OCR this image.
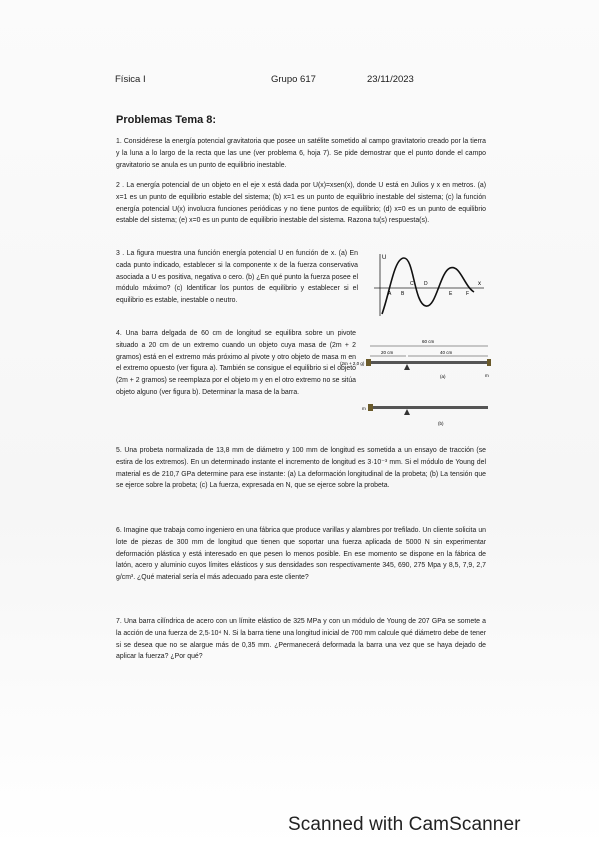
Física I	Grupo 617	23/11/2023
Problemas Tema 8:

1. Considérese la energía potencial gravitatoria que posee un satélite sometido al campo gravitatorio creado por la tierra y la luna a lo largo de la recta que las une (ver problema 6, hoja 7). Se pide demostrar que el punto donde el campo gravitatorio se anula es un punto de equilibrio inestable.

2 . La energía potencial de un objeto en el eje x está dada por U(x)=xsen(x), donde U está en Julios y x en metros. (a) x=1 es un punto de equilibrio estable del sistema; (b) x=1 es un punto de equilibrio inestable del sistema; (c) la función energía potencial U(x) involucra funciones periódicas y no tiene puntos de equilibrio; (d) x=0 es un punto de equilibrio estable del sistema; (e) x=0 es un punto de equilibrio inestable del sistema. Razona tu(s) respuesta(s).

3 . La figura muestra una función energía potencial U en función de x. (a) En cada punto indicado, establecer si la componente x de la fuerza conservativa asociada a U es positiva, negativa o cero. (b) ¿En qué punto la fuerza posee el módulo máximo? (c) Identificar los puntos de equilibrio y establecer si el equilibrio es estable, inestable o neutro.

4. Una barra delgada de 60 cm de longitud se equilibra sobre un pivote situado a 20 cm de un extremo cuando un objeto cuya masa de (2m + 2 gramos) está en el extremo más próximo al pivote y otro objeto de masa m en el extremo opuesto (ver figura a). También se consigue el equilibrio si el objeto (2m + 2 gramos) se reemplaza por el objeto m y en el otro extremo no se sitúa objeto alguno (ver figura b). Determinar la masa de la barra.

5. Una probeta normalizada de 13,8 mm de diámetro y 100 mm de longitud es sometida a un ensayo de tracción (se estira de los extremos). En un determinado instante el incremento de longitud es 3·10⁻³ mm. Si el módulo de Young del material es de 210,7 GPa determine para ese instante: (a) La deformación longitudinal de la probeta; (b) La tensión que se ejerce sobre la probeta; (c) La fuerza, expresada en N, que se ejerce sobre la probeta.

6. Imagine que trabaja como ingeniero en una fábrica que produce varillas y alambres por trefilado. Un cliente solicita un lote de piezas de 300 mm de longitud que tienen que soportar una fuerza aplicada de 5000 N sin experimentar deformación plástica y está interesado en que pesen lo menos posible. En ese momento se dispone en la fábrica de latón, acero y aluminio cuyos límites elásticos y sus densidades son respectivamente 345, 690, 275 Mpa y 8,5, 7,9, 2,7 g/cm³. ¿Qué material sería el más adecuado para este cliente?

7. Una barra cilíndrica de acero con un límite elástico de 325 MPa y con un módulo de Young de 207 GPa se somete a la acción de una fuerza de 2,5·10⁴ N. Si la barra tiene una longitud inicial de 700 mm calcule qué diámetro debe de tener si se desea que no se alargue más de 0,35 mm. ¿Permanecerá deformada la barra una vez que se haya dejado de aplicar la fuerza? ¿Por qué?

U
x
A B
C D
E	F
60 cm
20 cm	40 cm
(2m + 2,0 g)
m
(a)
m
(b)
Scanned with CamScanner
